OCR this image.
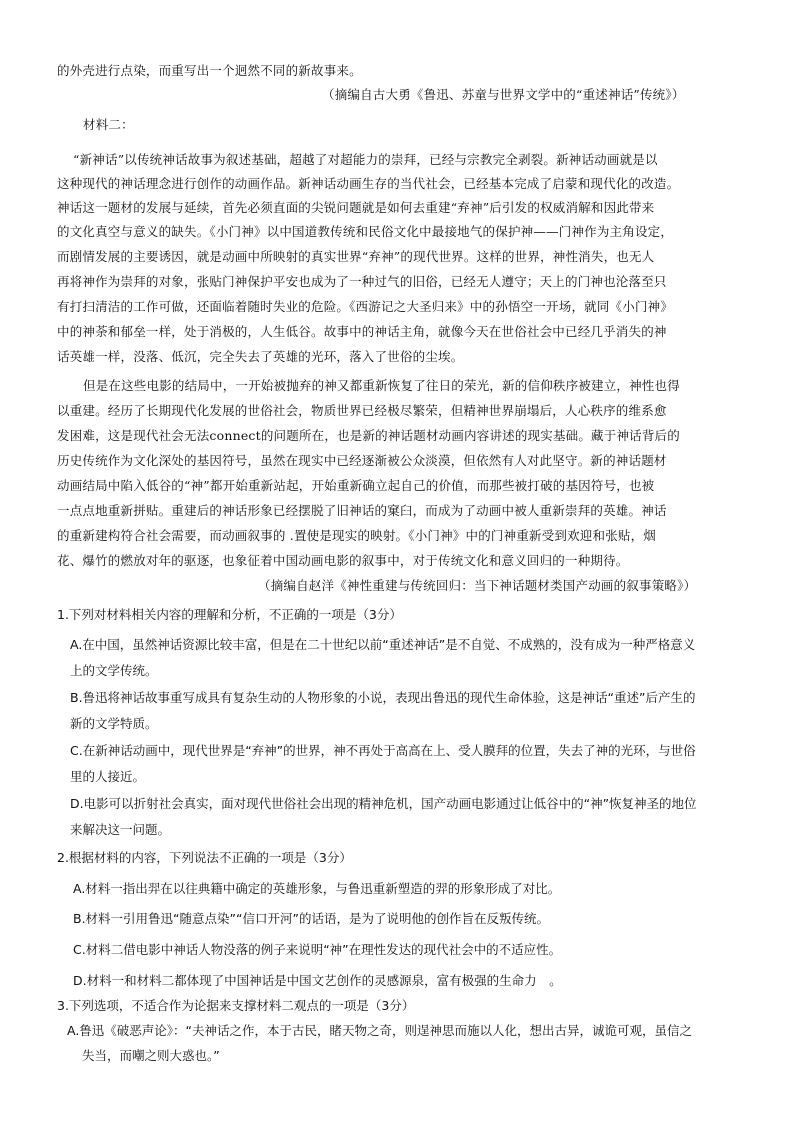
的外壳进行点染，而重写出一个迥然不同的新故事来。
（摘编自古大勇《鲁迅、苏童与世界文学中的“重述神话”传统》）
材料二：
“新神话”以传统神话故事为叙述基础，超越了对超能力的崇拜，已经与宗教完全剥裂。新神话动画就是以
这种现代的神话理念进行创作的动画作品。新神话动画生存的当代社会，已经基本完成了启蒙和现代化的改造。
神话这一题材的发展与延续，首先必须直面的尖锐问题就是如何去重建“弃神”后引发的权威消解和因此带来
的文化真空与意义的缺失。《小门神》以中国道教传统和民俗文化中最接地气的保护神——门神作为主角设定，
而剧情发展的主要诱因，就是动画中所映射的真实世界“弃神”的现代世界。这样的世界，神性消失，也无人
再将神作为崇拜的对象，张贴门神保护平安也成为了一种过气的旧俗，已经无人遵守；天上的门神也沦落至只
有打扫清洁的工作可做，还面临着随时失业的危险。《西游记之大圣归来》中的孙悟空一开场，就同《小门神》
中的神荼和郁垒一样，处于消极的，人生低谷。故事中的神话主角，就像今天在世俗社会中已经几乎消失的神
话英雄一样，没落、低沉，完全失去了英雄的光环，落入了世俗的尘埃。
但是在这些电影的结局中，一开始被抛弃的神又都重新恢复了往日的荣光，新的信仰秩序被建立，神性也得
以重建。经历了长期现代化发展的世俗社会，物质世界已经极尽繁荣，但精神世界崩塌后，人心秩序的维系愈
发困难，这是现代社会无法connect的问题所在，也是新的神话题材动画内容讲述的现实基础。藏于神话背后的
历史传统作为文化深处的基因符号，虽然在现实中已经逐渐被公众淡漠，但依然有人对此坚守。新的神话题材
动画结局中陷入低谷的“神”都开始重新站起，开始重新确立起自己的价值，而那些被打破的基因符号，也被
一点点地重新拼贴。重建后的神话形象已经摆脱了旧神话的窠臼，而成为了动画中被人重新崇拜的英雄。神话
的重新建构符合社会需要，而动画叙事的 .置使是现实的映射。《小门神》中的门神重新受到欢迎和张贴，烟
花、爆竹的燃放对年的驱逐，也象征着中国动画电影的叙事中，对于传统文化和意义回归的一种期待。
（摘编自赵洋《神性重建与传统回归：当下神话题材类国产动画的叙事策略》）
1.下列对材料相关内容的理解和分析，不正确的一项是（3分）
A.在中国，虽然神话资源比较丰富，但是在二十世纪以前“重述神话”是不自觉、不成熟的，没有成为一种严格意义
上的文学传统。
B.鲁迅将神话故事重写成具有复杂生动的人物形象的小说，表现出鲁迅的现代生命体验，这是神话“重述”后产生的
新的文学特质。
C.在新神话动画中，现代世界是“弃神”的世界，神不再处于高高在上、受人膜拜的位置，失去了神的光环，与世俗
里的人接近。
D.电影可以折射社会真实，面对现代世俗社会出现的精神危机，国产动画电影通过让低谷中的“神”恢复神圣的地位
来解决这一问题。
2.根据材料的内容，下列说法不正确的一项是（3分）
A.材料一指出羿在以往典籍中确定的英雄形象，与鲁迅重新塑造的羿的形象形成了对比。
B.材料一引用鲁迅“随意点染”“信口开河”的话语，是为了说明他的创作旨在反叛传统。
C.材料二借电影中神话人物没落的例子来说明“神”在理性发达的现代社会中的不适应性。
D.材料一和材料二都体现了中国神话是中国文艺创作的灵感源泉，富有极强的生命力　。
3.下列选项，不适合作为论据来支撑材料二观点的一项是（3分）
A.鲁迅《破恶声论》：“夫神话之作，本于古民，睹天物之奇，则逞神思而施以人化，想出古异，诚诡可观，虽信之
失当，而嘲之则大惑也。”
